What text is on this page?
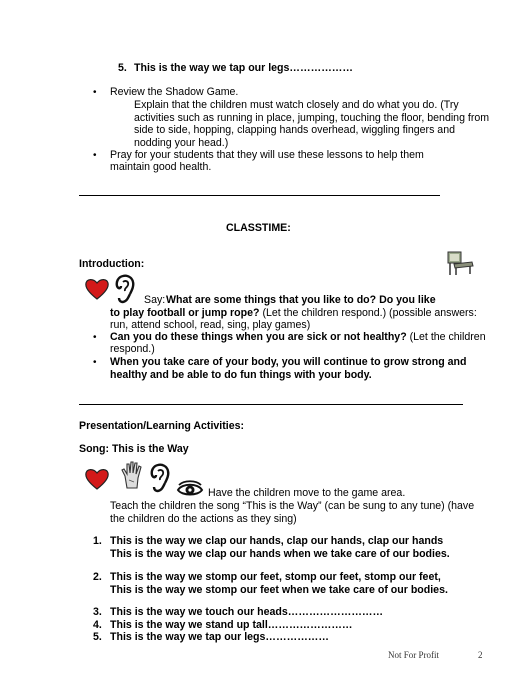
5. This is the way we tap our legs………………
• Review the Shadow Game.
Explain that the children must watch closely and do what you do. (Try
activities such as running in place, jumping, touching the floor, bending from
side to side, hopping, clapping hands overhead, wiggling fingers and
nodding your head.)
• Pray for your students that they will use these lessons to help them
maintain good health.
CLASSTIME:
Introduction:
Say: What are some things that you like to do? Do you like
to play football or jump rope? (Let the children respond.) (possible answers:
run, attend school, read, sing, play games)
• Can you do these things when you are sick or not healthy? (Let the children
respond.)
• When you take care of your body, you will continue to grow strong and
healthy and be able to do fun things with your body.
Presentation/Learning Activities:
Song: This is the Way
Have the children move to the game area.
Teach the children the song “This is the Way” (can be sung to any tune) (have
the children do the actions as they sing)
1. This is the way we clap our hands, clap our hands, clap our hands
This is the way we clap our hands when we take care of our bodies.
2. This is the way we stomp our feet, stomp our feet, stomp our feet,
This is the way we stomp our feet when we take care of our bodies.
3. This is the way we touch our heads………………………
4. This is the way we stand up tall……………………
5. This is the way we tap our legs………………
Not For Profit	2
